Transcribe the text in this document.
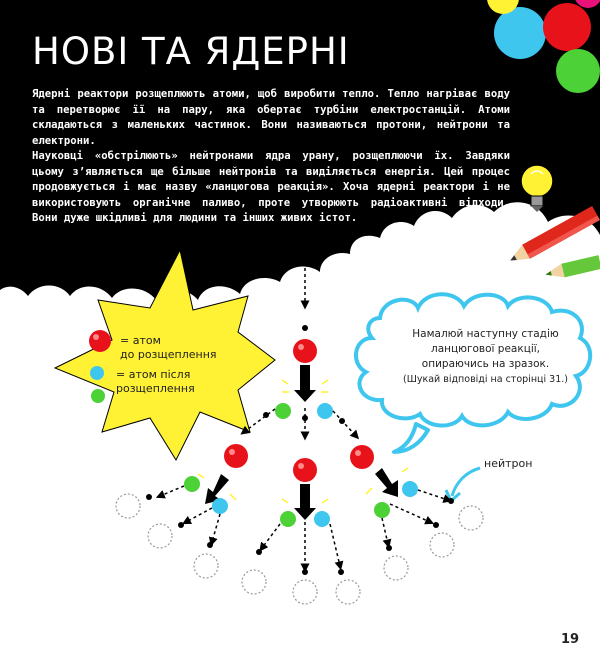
НОВІ ТА ЯДЕРНІ

Ядерні реактори розщеплюють атоми, щоб виробити тепло. Тепло нагріває воду та перетворює її на пару, яка обертає турбіни електростанцій. Атоми складаються з маленьких частинок. Вони називаються протони, нейтрони та електрони.

Науковці «обстрілюють» нейтронами ядра урану, розщеплюючи їх. Завдяки цьому з’являється ще більше нейтронів та виділяється енергія. Цей процес продовжується і має назву «ланцюгова реакція». Хоча ядерні реактори і не використовують органічне паливо, проте утворюють радіоактивні відходи. Вони дуже шкідливі для людини та інших живих істот.

= атом
до розщеплення
= атом після
розщеплення
Намалюй наступну стадію
ланцюгової реакції,
опираючись на зразок.
(Шукай відповіді на сторінці 31.)
нейтрон
19
